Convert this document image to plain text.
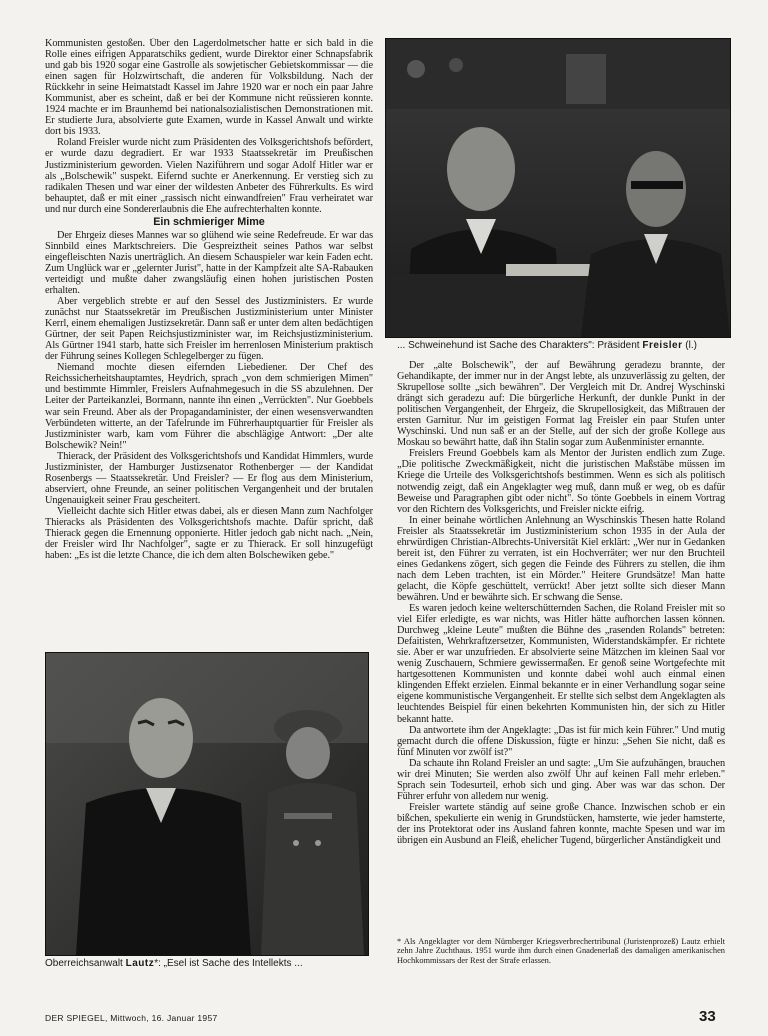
Kommunisten gestoßen. Über den Lagerdolmetscher hatte er sich bald in die Rolle eines eifrigen Apparatschiks gedient, wurde Direktor einer Schnapsfabrik und gab bis 1920 sogar eine Gastrolle als sowjetischer Gebietskommissar — die einen sagen für Holzwirtschaft, die anderen für Volksbildung. Nach der Rückkehr in seine Heimatstadt Kassel im Jahre 1920 war er noch ein paar Jahre Kommunist, aber es scheint, daß er bei der Kommune nicht reüssieren konnte. 1924 machte er im Braunhemd bei nationalsozialistischen Demonstrationen mit. Er studierte Jura, absolvierte gute Examen, wurde in Kassel Anwalt und wirkte dort bis 1933.

Roland Freisler wurde nicht zum Präsidenten des Volksgerichtshofs befördert, er wurde dazu degradiert. Er war 1933 Staatssekretär im Preußischen Justizministerium geworden. Vielen Naziführern und sogar Adolf Hitler war er als „Bolschewik" suspekt. Eifernd suchte er Anerkennung. Er verstieg sich zu radikalen Thesen und war einer der wildesten Anbeter des Führerkults. Es wird behauptet, daß er mit einer „rassisch nicht einwandfreien" Frau verheiratet war und nur durch eine Sondererlaubnis die Ehe aufrechterhalten konnte.

Ein schmieriger Mime

Der Ehrgeiz dieses Mannes war so glühend wie seine Redefreude. Er war das Sinnbild eines Marktschreiers. Die Gespreiztheit seines Pathos war selbst eingefleischten Nazis unerträglich. An diesem Schauspieler war kein Faden echt. Zum Unglück war er „gelernter Jurist", hatte in der Kampfzeit alte SA-Rabauken verteidigt und mußte daher zwangsläufig einen hohen juristischen Posten erhalten.

Aber vergeblich strebte er auf den Sessel des Justizministers. Er wurde zunächst nur Staatssekretär im Preußischen Justizministerium unter Minister Kerrl, einem ehemaligen Justizsekretär. Dann saß er unter dem alten bedächtigen Gürtner, der seit Papen Reichsjustizminister war, im Reichsjustizministerium. Als Gürtner 1941 starb, hatte sich Freisler im herrenlosen Ministerium praktisch der Führung seines Kollegen Schlegelberger zu fügen.

Niemand mochte diesen eifernden Liebediener. Der Chef des Reichssicherheitshauptamtes, Heydrich, sprach „von dem schmierigen Mimen" und bestimmte Himmler, Freislers Aufnahmegesuch in die SS abzulehnen. Der Leiter der Parteikanzlei, Bormann, nannte ihn einen „Verrückten". Nur Goebbels war sein Freund. Aber als der Propagandaminister, der einen wesensverwandten Verbündeten witterte, an der Tafelrunde im Führerhauptquartier für Freisler als Justizminister warb, kam vom Führer die abschlägige Antwort: „Der alte Bolschewik? Nein!"

Thierack, der Präsident des Volksgerichtshofs und Kandidat Himmlers, wurde Justizminister, der Hamburger Justizsenator Rothenberger — der Kandidat Rosenbergs — Staatssekretär. Und Freisler? — Er flog aus dem Ministerium, abserviert, ohne Freunde, an seiner politischen Vergangenheit und der brutalen Ungenauigkeit seiner Frau gescheitert.

Vielleicht dachte sich Hitler etwas dabei, als er diesen Mann zum Nachfolger Thieracks als Präsidenten des Volksgerichtshofs machte. Dafür spricht, daß Thierack gegen die Ernennung opponierte. Hitler jedoch gab nicht nach. „Nein, der Freisler wird Ihr Nachfolger", sagte er zu Thierack. Er soll hinzugefügt haben: „Es ist die letzte Chance, die ich dem alten Bolschewiken gebe."

... Schweinehund ist Sache des Charakters": Präsident Freisler (l.)

Der „alte Bolschewik", der auf Bewährung geradezu brannte, der Gehandikapte, der immer nur in der Angst lebte, als unzuverlässig zu gelten, der Skrupellose sollte „sich bewähren". Der Vergleich mit Dr. Andrej Wyschinski drängt sich geradezu auf: Die bürgerliche Herkunft, der dunkle Punkt in der politischen Vergangenheit, der Ehrgeiz, die Skrupellosigkeit, das Mißtrauen der ersten Garnitur. Nur im geistigen Format lag Freisler ein paar Stufen unter Wyschinski. Und nun saß er an der Stelle, auf der sich der große Kollege aus Moskau so bewährt hatte, daß ihn Stalin sogar zum Außenminister ernannte.

Freislers Freund Goebbels kam als Mentor der Juristen endlich zum Zuge. „Die politische Zweckmäßigkeit, nicht die juristischen Maßstäbe müssen im Kriege die Urteile des Volksgerichtshofs bestimmen. Wenn es sich als politisch notwendig zeigt, daß ein Angeklagter weg muß, dann muß er weg, ob es dafür Beweise und Paragraphen gibt oder nicht". So tönte Goebbels in einem Vortrag vor den Richtern des Volksgerichts, und Freisler nickte eifrig.

In einer beinahe wörtlichen Anlehnung an Wyschinskis Thesen hatte Roland Freisler als Staatssekretär im Justizministerium schon 1935 in der Aula der ehrwürdigen Christian-Albrechts-Universität Kiel erklärt: „Wer nur in Gedanken bereit ist, den Führer zu verraten, ist ein Hochverräter; wer nur den Bruchteil eines Gedankens zögert, sich gegen die Feinde des Führers zu stellen, die ihm nach dem Leben trachten, ist ein Mörder." Heitere Grundsätze! Man hatte gelacht, die Köpfe geschüttelt, verrückt! Aber jetzt sollte sich dieser Mann bewähren. Und er bewährte sich. Er schwang die Sense.

Es waren jedoch keine welterschütternden Sachen, die Roland Freisler mit so viel Eifer erledigte, es war nichts, was Hitler hätte aufhorchen lassen können. Durchweg „kleine Leute" mußten die Bühne des „rasenden Rolands" betreten: Defaitisten, Wehrkraftzersetzer, Kommunisten, Widerstandskämpfer. Er richtete sie. Aber er war unzufrieden. Er absolvierte seine Mätzchen im kleinen Saal vor wenig Zuschauern, Schmiere gewissermaßen. Er genoß seine Wortgefechte mit hartgesottenen Kommunisten und konnte dabei wohl auch einmal einen klingenden Effekt erzielen. Einmal bekannte er in einer Verhandlung sogar seine eigene kommunistische Vergangenheit. Er stellte sich selbst dem Angeklagten als leuchtendes Beispiel für einen bekehrten Kommunisten hin, der sich zu Hitler bekannt hatte.

Da antwortete ihm der Angeklagte: „Das ist für mich kein Führer." Und mutig gemacht durch die offene Diskussion, fügte er hinzu: „Sehen Sie nicht, daß es fünf Minuten vor zwölf ist?"

Da schaute ihn Roland Freisler an und sagte: „Um Sie aufzuhängen, brauchen wir drei Minuten; Sie werden also zwölf Uhr auf keinen Fall mehr erleben." Sprach sein Todesurteil, erhob sich und ging. Aber was war das schon. Der Führer erfuhr von alledem nur wenig.

Freisler wartete ständig auf seine große Chance. Inzwischen schob er ein bißchen, spekulierte ein wenig in Grundstücken, hamsterte, wie jeder hamsterte, der ins Protektorat oder ins Ausland fahren konnte, machte Spesen und war im übrigen ein Ausbund an Fleiß, ehelicher Tugend, bürgerlicher Anständigkeit und

Oberreichsanwalt Lautz*: „Esel ist Sache des Intellekts ...
* Als Angeklagter vor dem Nürnberger Kriegsverbrechertribunal (Juristenprozeß) Lautz erhielt zehn Jahre Zuchthaus. 1951 wurde ihm durch einen Gnadenerlaß des damaligen amerikanischen Hochkommissars der Rest der Strafe erlassen.
DER SPIEGEL, Mittwoch, 16. Januar 1957	33
